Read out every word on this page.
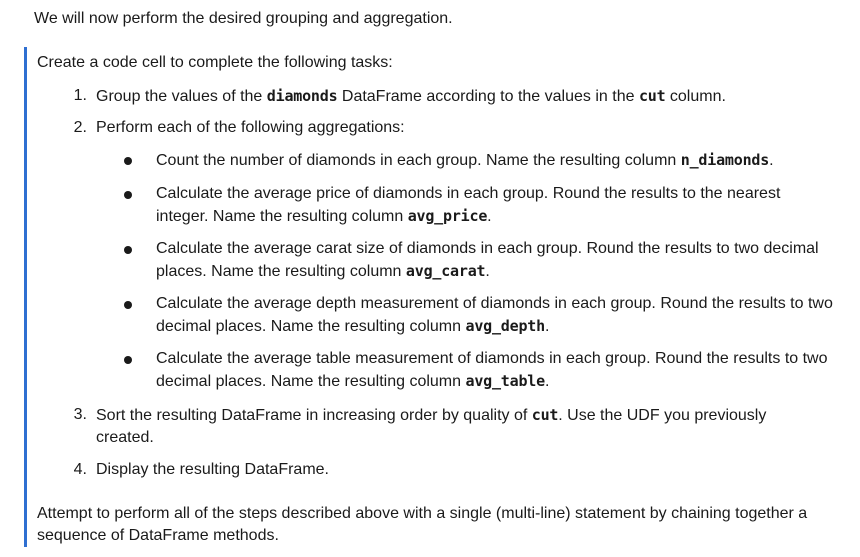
We will now perform the desired grouping and aggregation.

Create a code cell to complete the following tasks:

1. Group the values of the diamonds DataFrame according to the values in the cut column.
2. Perform each of the following aggregations:
Count the number of diamonds in each group. Name the resulting column n_diamonds.
Calculate the average price of diamonds in each group. Round the results to the nearest integer. Name the resulting column avg_price.
Calculate the average carat size of diamonds in each group. Round the results to two decimal places. Name the resulting column avg_carat.
Calculate the average depth measurement of diamonds in each group. Round the results to two decimal places. Name the resulting column avg_depth.
Calculate the average table measurement of diamonds in each group. Round the results to two decimal places. Name the resulting column avg_table.
3. Sort the resulting DataFrame in increasing order by quality of cut. Use the UDF you previously created.
4. Display the resulting DataFrame.

Attempt to perform all of the steps described above with a single (multi-line) statement by chaining together a sequence of DataFrame methods.
